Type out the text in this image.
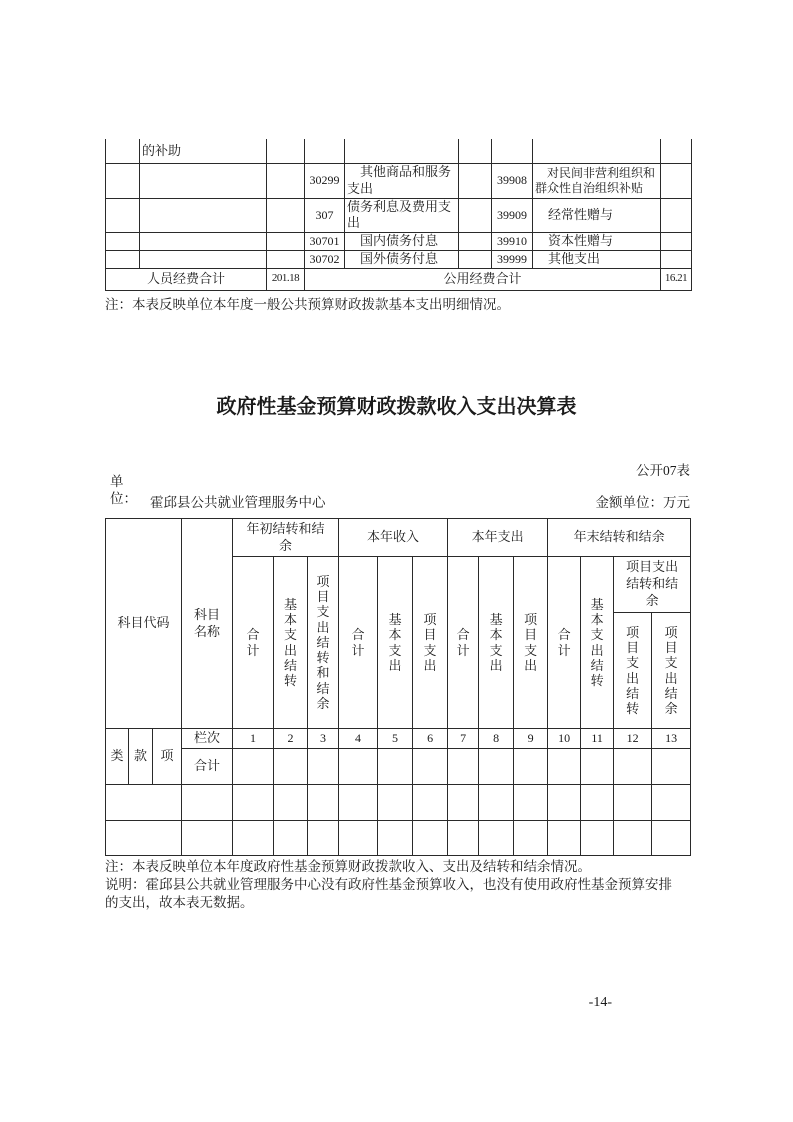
	的补助							
			30299	　其他商品和服务支出		39908	　对民间非营利组织和群众性自治组织补贴	
			307	债务利息及费用支出		39909	　经常性赠与	
			30701	　国内债务付息		39910	　资本性赠与	
			30702	　国外债务付息		39999	　其他支出	
人员经费合计		201.18	公用经费合计					16.21
注：本表反映单位本年度一般公共预算财政拨款基本支出明细情况。
政府性基金预算财政拨款收入支出决算表
公开07表
单位： 霍邱县公共就业管理服务中心	金额单位：万元
科目代码			科目名称	年初结转和结余			本年收入			本年支出			年末结转和结余			

				合计	基本支出结转	项目支出结转和结余	合计	基本支出	项目支出	合计	基本支出	项目支出	合计	基本支出结转	项目支出结转和结余	

															项目支出结转	项目支出结余

类	款	项	栏次	1	2	3	4	5	6	7	8	9	10	11	12	13
			合计													

注：本表反映单位本年度政府性基金预算财政拨款收入、支出及结转和结余情况。

说明：霍邱县公共就业管理服务中心没有政府性基金预算收入，也没有使用政府性基金预算安排的支出，故本表无数据。

-14-
